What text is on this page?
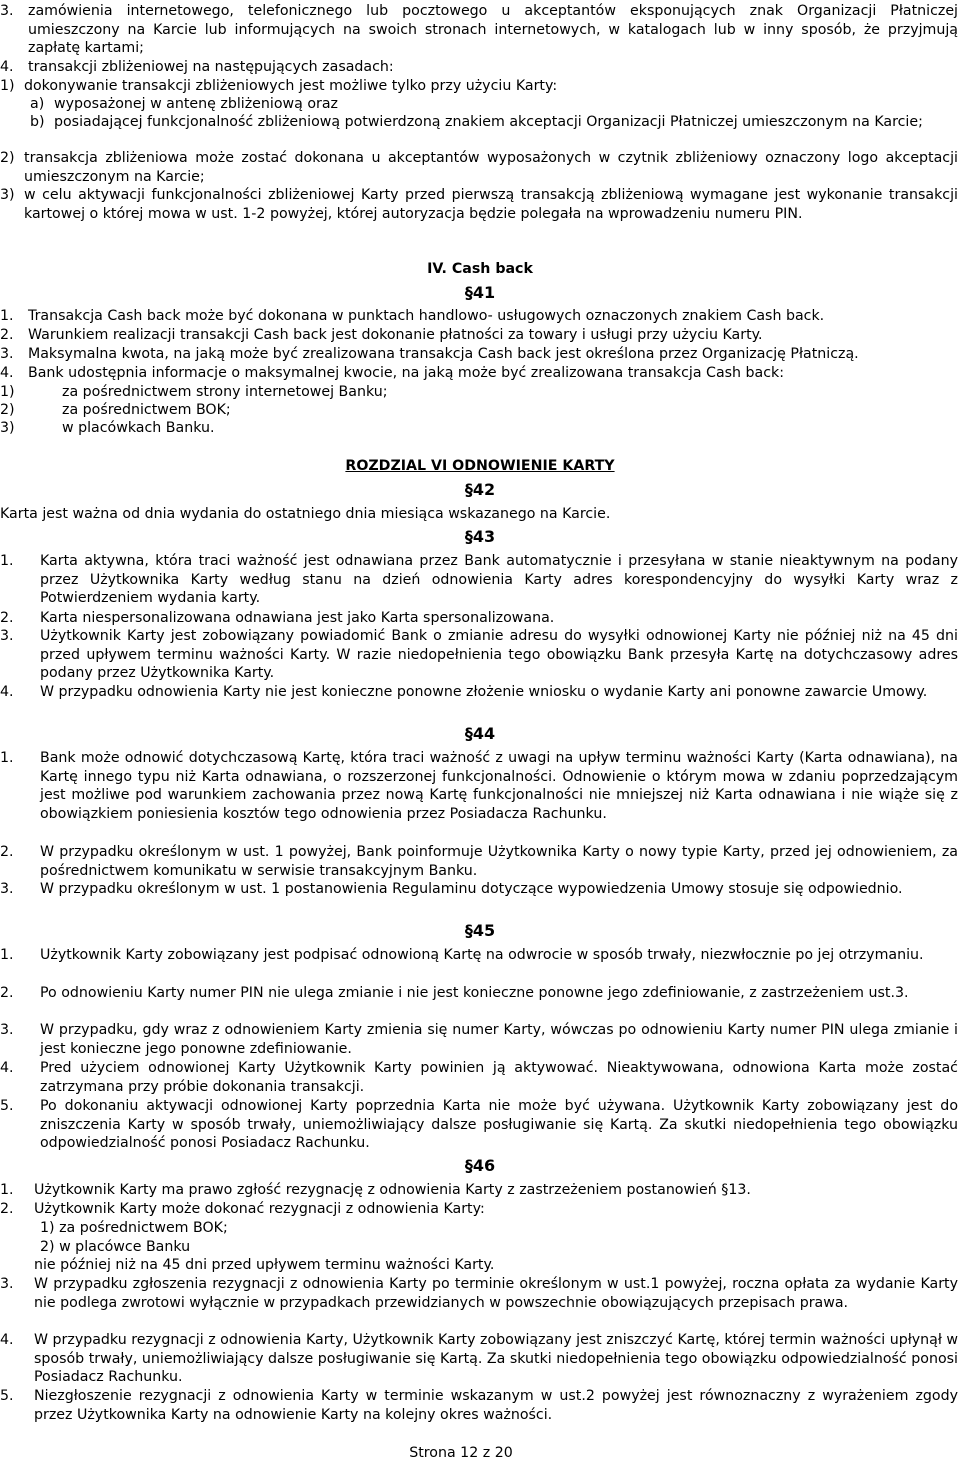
3. zamówienia internetowego, telefonicznego lub pocztowego u akceptantów eksponujących znak Organizacji Płatniczej umieszczony na Karcie lub informujących na swoich stronach internetowych, w katalogach lub w inny sposób, że przyjmują zapłatę kartami;
4. transakcji zbliżeniowej na następujących zasadach:
1) dokonywanie transakcji zbliżeniowych jest możliwe tylko przy użyciu Karty:
a) wyposażonej w antenę zbliżeniową oraz
b) posiadającej funkcjonalność zbliżeniową potwierdzoną znakiem akceptacji Organizacji Płatniczej umieszczonym na Karcie;
2) transakcja zbliżeniowa może zostać dokonana u akceptantów wyposażonych w czytnik zbliżeniowy oznaczony logo akceptacji umieszczonym na Karcie;
3) w celu aktywacji funkcjonalności zbliżeniowej Karty przed pierwszą transakcją zbliżeniową wymagane jest wykonanie transakcji kartowej o której mowa w ust. 1-2 powyżej, której autoryzacja będzie polegała na wprowadzeniu numeru PIN.
IV. Cash back
§41
1. Transakcja Cash back może być dokonana w punktach handlowo- usługowych oznaczonych znakiem Cash back.
2. Warunkiem realizacji transakcji Cash back jest dokonanie płatności za towary i usługi przy użyciu Karty.
3. Maksymalna kwota, na jaką może być zrealizowana transakcja Cash back jest określona przez Organizację Płatniczą.
4. Bank udostępnia informacje o maksymalnej kwocie, na jaką może być zrealizowana transakcja Cash back:
1)	za pośrednictwem strony internetowej Banku;
2)	za pośrednictwem BOK;
3)	w placówkach Banku.
ROZDZIAL VI ODNOWIENIE KARTY
§42
Karta jest ważna od dnia wydania do ostatniego dnia miesiąca wskazanego na Karcie.
§43
1. Karta aktywna, która traci ważność jest odnawiana przez Bank automatycznie i przesyłana w stanie nieaktywnym na podany przez Użytkownika Karty według stanu na dzień odnowienia Karty adres korespondencyjny do wysyłki Karty wraz z Potwierdzeniem wydania karty.
2. Karta niespersonalizowana odnawiana jest jako Karta spersonalizowana.
3. Użytkownik Karty jest zobowiązany powiadomić Bank o zmianie adresu do wysyłki odnowionej Karty nie później niż na 45 dni przed upływem terminu ważności Karty. W razie niedopełnienia tego obowiązku Bank przesyła Kartę na dotychczasowy adres podany przez Użytkownika Karty.
4. W przypadku odnowienia Karty nie jest konieczne ponowne złożenie wniosku o wydanie Karty ani ponowne zawarcie Umowy.
§44
1. Bank może odnowić dotychczasową Kartę, która traci ważność z uwagi na upływ terminu ważności Karty (Karta odnawiana), na Kartę innego typu niż Karta odnawiana, o rozszerzonej funkcjonalności. Odnowienie o którym mowa w zdaniu poprzedzającym jest możliwe pod warunkiem zachowania przez nową Kartę funkcjonalności nie mniejszej niż Karta odnawiana i nie wiąże się z obowiązkiem poniesienia kosztów tego odnowienia przez Posiadacza Rachunku.
2. W przypadku określonym w ust. 1 powyżej, Bank poinformuje Użytkownika Karty o nowy typie Karty, przed jej odnowieniem, za pośrednictwem komunikatu w serwisie transakcyjnym Banku.
3. W przypadku określonym w ust. 1 postanowienia Regulaminu dotyczące wypowiedzenia Umowy stosuje się odpowiednio.
§45
1. Użytkownik Karty zobowiązany jest podpisać odnowioną Kartę na odwrocie w sposób trwały, niezwłocznie po jej otrzymaniu.
2. Po odnowieniu Karty numer PIN nie ulega zmianie i nie jest konieczne ponowne jego zdefiniowanie, z zastrzeżeniem ust.3.
3. W przypadku, gdy wraz z odnowieniem Karty zmienia się numer Karty, wówczas po odnowieniu Karty numer PIN ulega zmianie i jest konieczne jego ponowne zdefiniowanie.
4. Pred użyciem odnowionej Karty Użytkownik Karty powinien ją aktywować. Nieaktywowana, odnowiona Karta może zostać zatrzymana przy próbie dokonania transakcji.
5. Po dokonaniu aktywacji odnowionej Karty poprzednia Karta nie może być używana. Użytkownik Karty zobowiązany jest do zniszczenia Karty w sposób trwały, uniemożliwiający dalsze posługiwanie się Kartą. Za skutki niedopełnienia tego obowiązku odpowiedzialność ponosi Posiadacz Rachunku.
§46
1. Użytkownik Karty ma prawo zgłość rezygnację z odnowienia Karty z zastrzeżeniem postanowień §13.
2. Użytkownik Karty może dokonać rezygnacji z odnowienia Karty:
1) za pośrednictwem BOK;
2) w placówce Banku
nie później niż na 45 dni przed upływem terminu ważności Karty.
3. W przypadku zgłoszenia rezygnacji z odnowienia Karty po terminie określonym w ust.1 powyżej, roczna opłata za wydanie Karty nie podlega zwrotowi wyłącznie w przypadkach przewidzianych w powszechnie obowiązujących przepisach prawa.
4. W przypadku rezygnacji z odnowienia Karty, Użytkownik Karty zobowiązany jest zniszczyć Kartę, której termin ważności upłynął w sposób trwały, uniemożliwiający dalsze posługiwanie się Kartą. Za skutki niedopełnienia tego obowiązku odpowiedzialność ponosi Posiadacz Rachunku.
5. Niezgłoszenie rezygnacji z odnowienia Karty w terminie wskazanym w ust.2 powyżej jest równoznaczny z wyrażeniem zgody przez Użytkownika Karty na odnowienie Karty na kolejny okres ważności.
Strona 12 z 20
